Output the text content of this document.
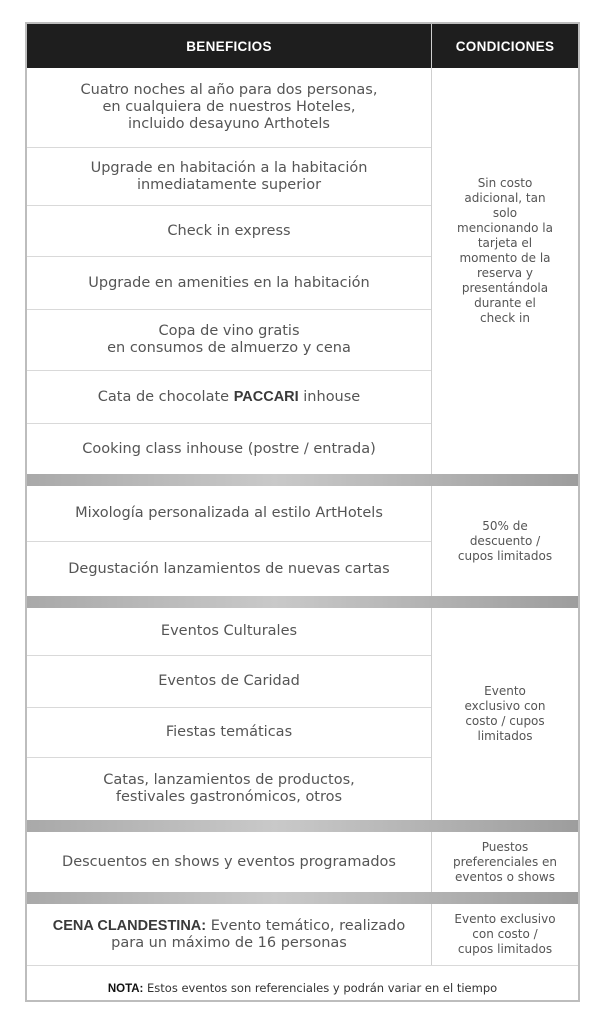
BENEFICIOS	CONDICIONES
Cuatro noches al año para dos personas,
en cualquiera de nuestros Hoteles,
incluido desayuno Arthotels
Upgrade en habitación a la habitación
inmediatamente superior
Check in express
Upgrade en amenities en la habitación
Copa de vino gratis
en consumos de almuerzo y cena
Cata de chocolate PACCARI inhouse
Cooking class inhouse (postre / entrada)
Sin costo
adicional, tan
solo
mencionando la
tarjeta el
momento de la
reserva y
presentándola
durante el
check in
Mixología personalizada al estilo ArtHotels
Degustación lanzamientos de nuevas cartas
50% de
descuento /
cupos limitados
Eventos Culturales
Eventos de Caridad
Fiestas temáticas
Catas, lanzamientos de productos,
festivales gastronómicos, otros
Evento
exclusivo con
costo / cupos
limitados
Descuentos en shows y eventos programados
Puestos
preferenciales en
eventos o shows
CENA CLANDESTINA: Evento temático, realizado
para un máximo de 16 personas
Evento exclusivo
con costo /
cupos limitados
NOTA: Estos eventos son referenciales y podrán variar en el tiempo
